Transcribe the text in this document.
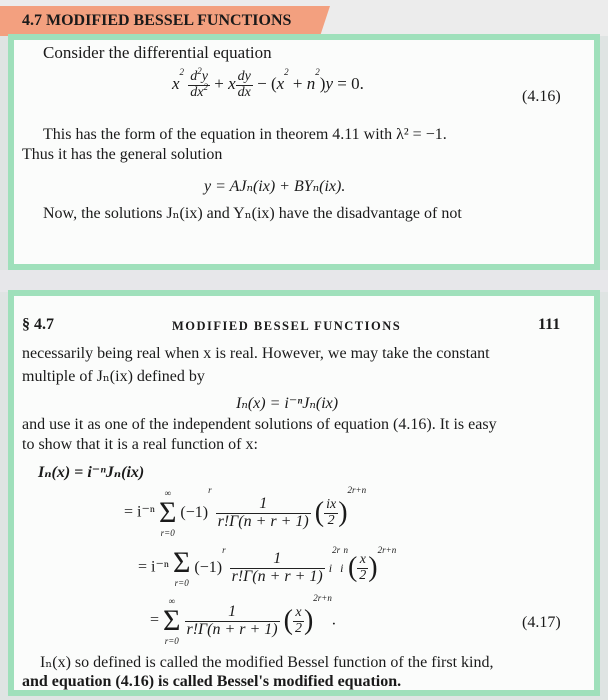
4.7 MODIFIED BESSEL FUNCTIONS
Consider the differential equation
$x^2 \frac{d^2y}{dx^2} + x \frac{dy}{dx} - (x^2 + n^2)y = 0$.
(4.16)
This has the form of the equation in theorem 4.11 with λ² = −1.
Thus it has the general solution
y = AJₙ(ix) + BYₙ(ix).
Now, the solutions Jₙ(ix) and Yₙ(ix) have the disadvantage of not
§ 4.7	MODIFIED BESSEL FUNCTIONS	111
necessarily being real when x is real. However, we may take the constant
multiple of Jₙ(ix) defined by
Iₙ(x) = i⁻ⁿJₙ(ix)
and use it as one of the independent solutions of equation (4.16). It is easy
to show that it is a real function of x:
Iₙ(x) = i⁻ⁿJₙ(ix)
= i⁻ⁿ
∞
Σ
r=0
$(-1)^r$
$\frac{1}{r!\Gamma(n + r + 1)}$ ( $\frac{ix}{2} )^{2r+n}$
= i⁻ⁿ Σ
r=0
$(-1)^r$
$\frac{1}{r!\Gamma(n + r + 1)} i^{2r}i^n( \frac{x}{2} )^{2r+n}$
=
∞
Σ
r=0

$\frac{1}{r!\Gamma(n + r + 1)}$ ( $\frac{x}{2} )^{2r+n}$.	(4.17)
Iₙ(x) so defined is called the modified Bessel function of the first kind,
and equation (4.16) is called Bessel's modified equation.
